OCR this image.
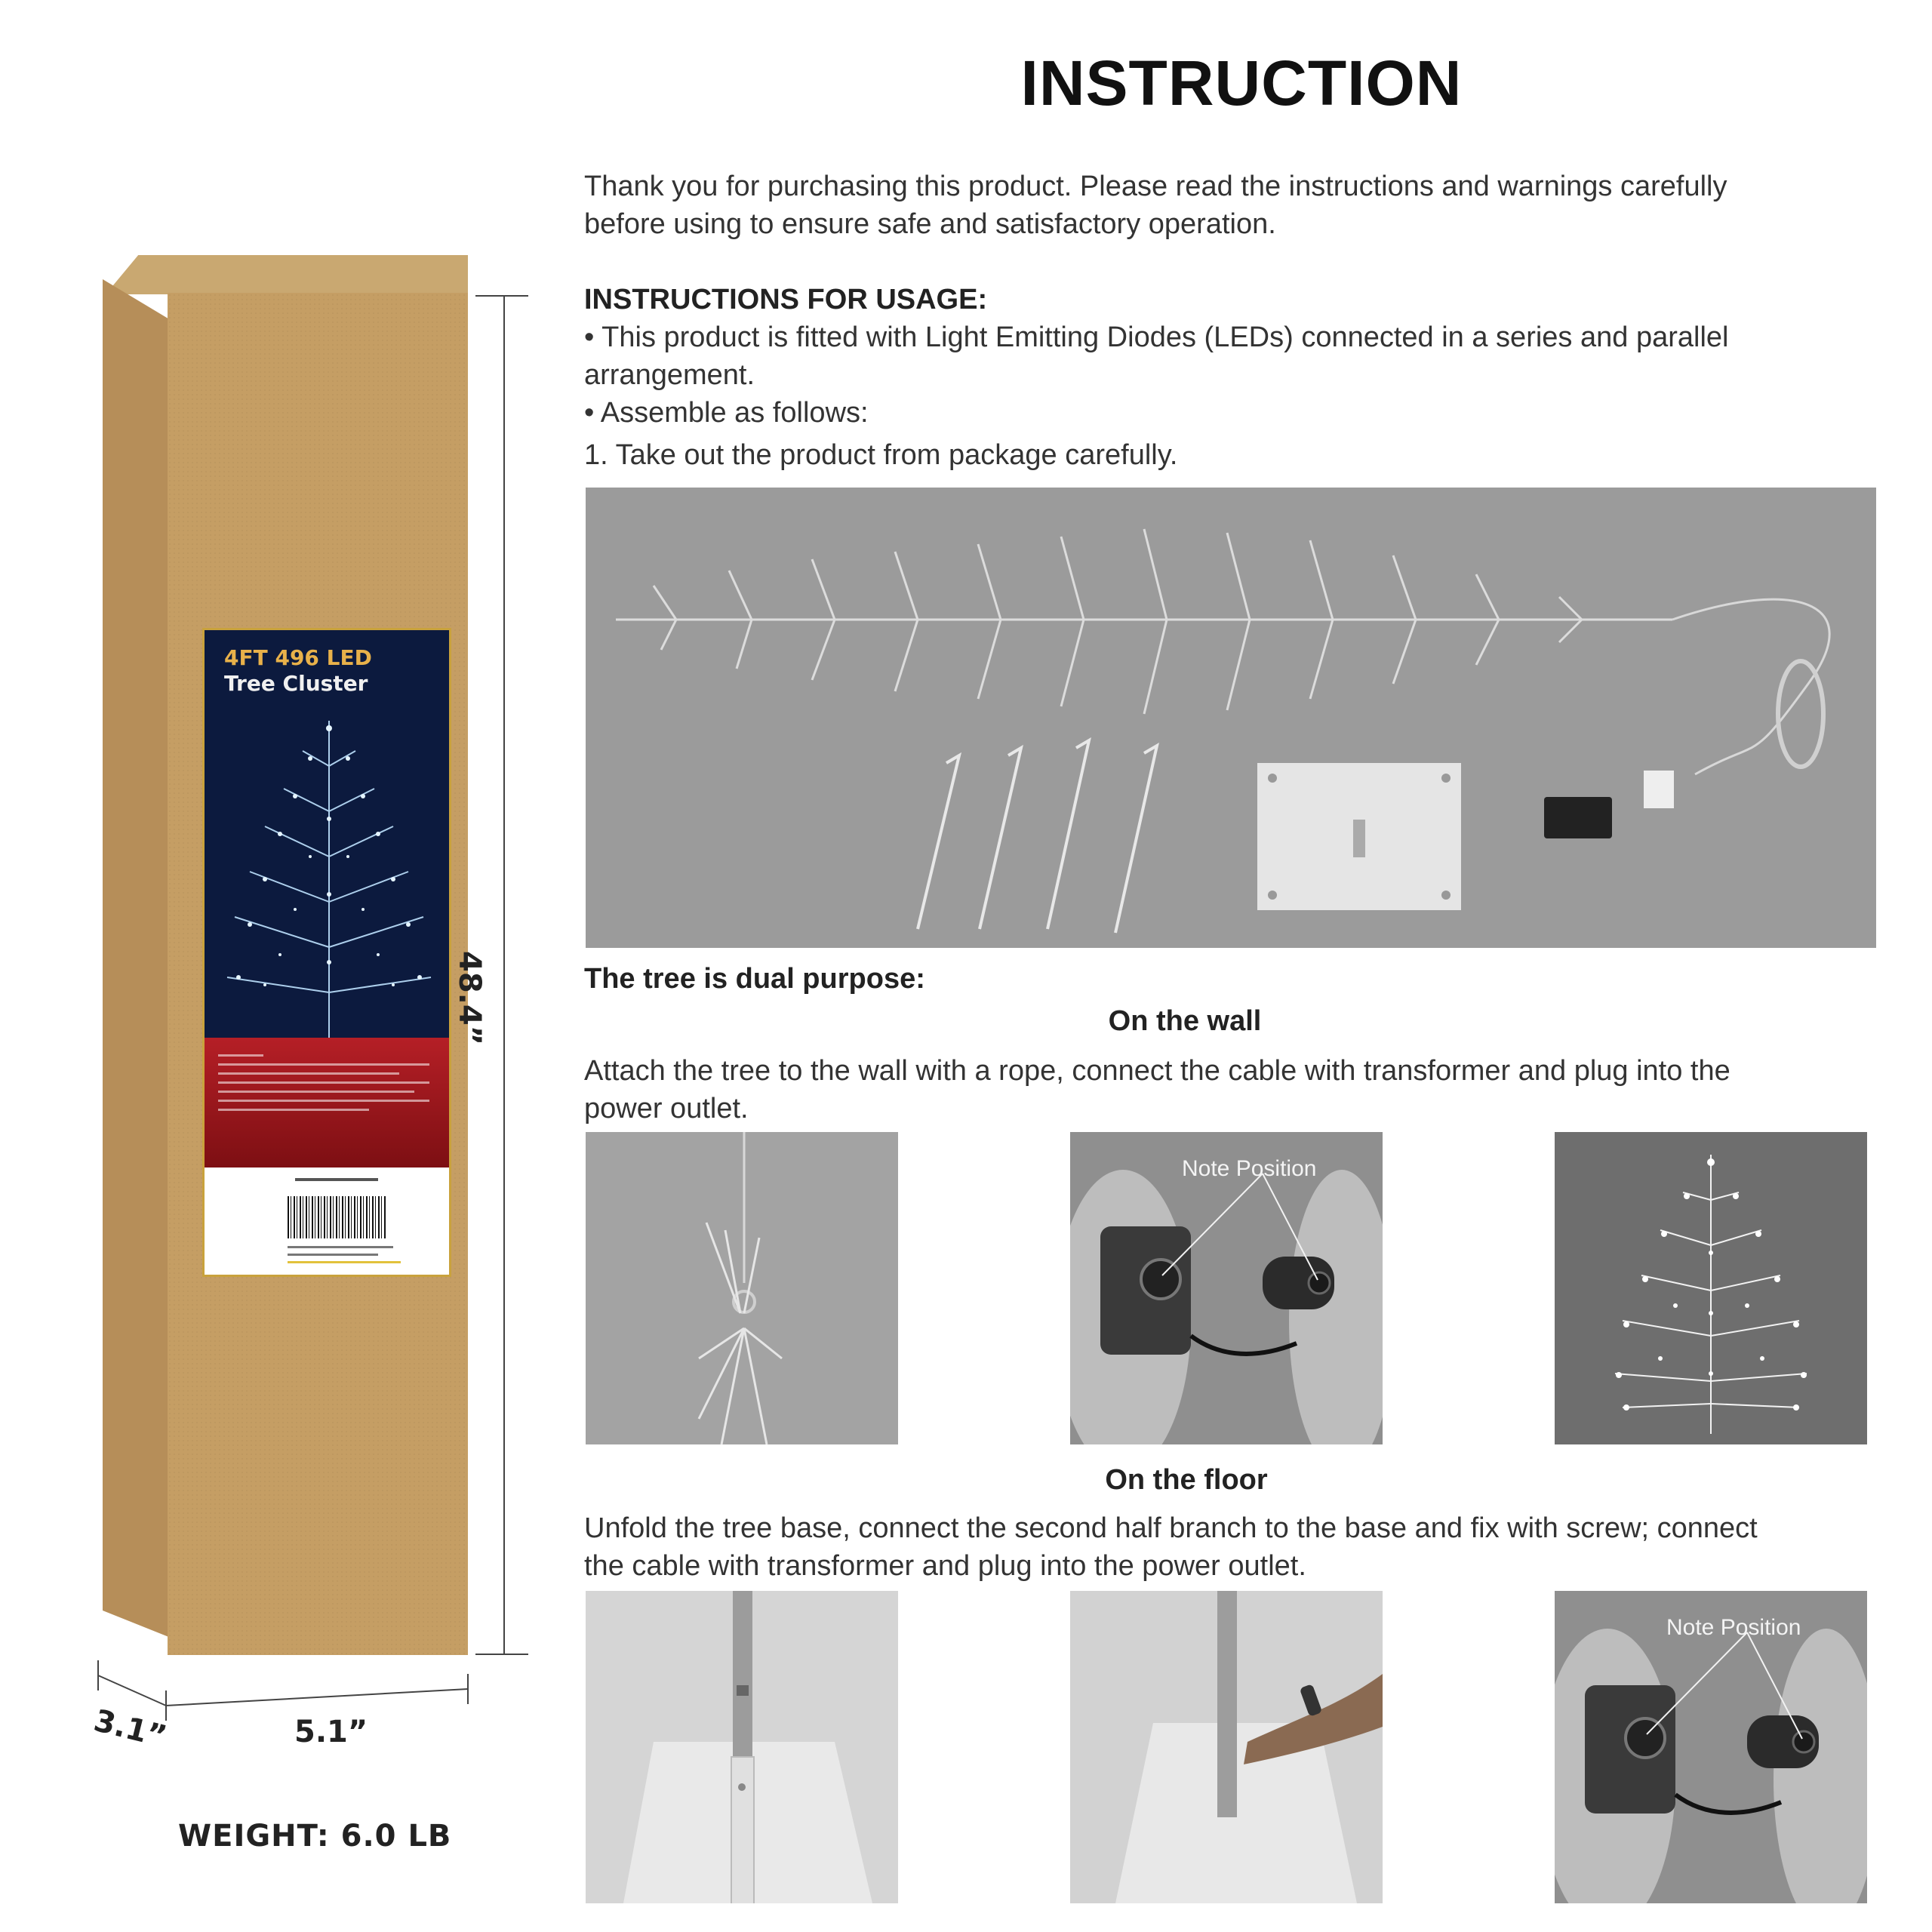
4FT 496 LED
Tree Cluster
48.4”
3.1”	5.1”
WEIGHT: 6.0 LB
INSTRUCTION
Thank you for purchasing this product. Please read the instructions and warnings carefully
before using to ensure safe and satisfactory operation.
INSTRUCTIONS FOR USAGE:
• This product is fitted with Light Emitting Diodes (LEDs) connected in a series and parallel
arrangement.
• Assemble as follows:
1. Take out the product from package carefully.
The tree is dual purpose:
On the wall
Attach the tree to the wall with a rope, connect the cable with transformer and plug into the
power outlet.
Note Position
On the floor
Unfold the tree base, connect the second half branch to the base and fix with screw; connect
the cable with transformer and plug into the power outlet.
Note Position
